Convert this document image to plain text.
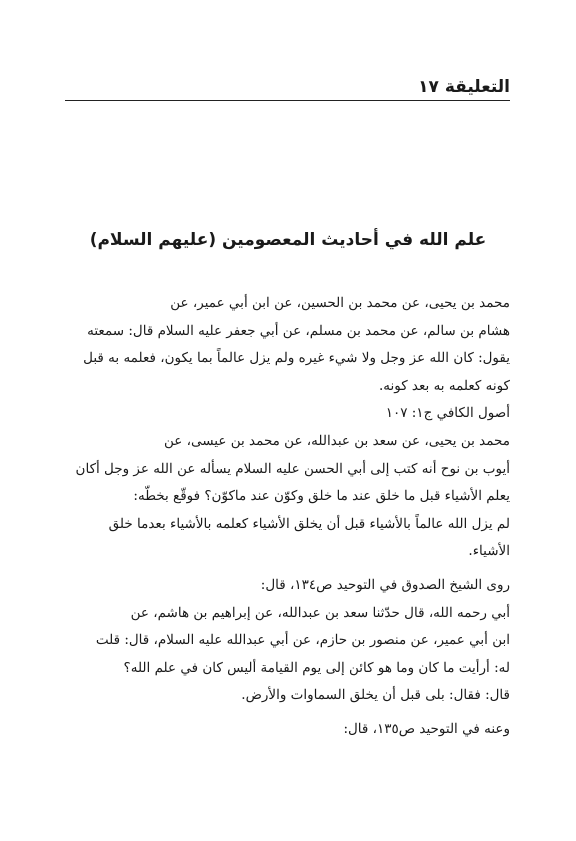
التعليقة ١٧
علم الله في أحاديث المعصومين (عليهم السلام)
محمد بن يحيى، عن محمد بن الحسين، عن ابن أبي عمير، عن
هشام بن سالم، عن محمد بن مسلم، عن أبي جعفر عليه السلام قال: سمعته
يقول: كان الله عز وجل ولا شيء غيره ولم يزل عالماً بما يكون، فعلمه به قبل
كونه كعلمه به بعد كونه.
أصول الكافي ج١: ١٠٧
محمد بن يحيى، عن سعد بن عبدالله، عن محمد بن عيسى، عن
أيوب بن نوح أنه كتب إلى أبي الحسن عليه السلام يسأله عن الله عز وجل أكان
يعلم الأشياء قبل ما خلق عند ما خلق وكوّن عند ماكوّن؟ فوقّع بخطّه:
لم يزل الله عالماً بالأشياء قبل أن يخلق الأشياء كعلمه بالأشياء بعدما خلق
الأشياء.
روى الشيخ الصدوق في التوحيد ص١٣٤، قال:
أبي رحمه الله، قال حدّثنا سعد بن عبدالله، عن إبراهيم بن هاشم، عن
ابن أبي عمير، عن منصور بن حازم، عن أبي عبدالله عليه السلام، قال: قلت
له: أرأيت ما كان وما هو كائن إلى يوم القيامة أليس كان في علم الله؟
قال: فقال: بلى قبل أن يخلق السماوات والأرض.
وعنه في التوحيد ص١٣٥، قال:
